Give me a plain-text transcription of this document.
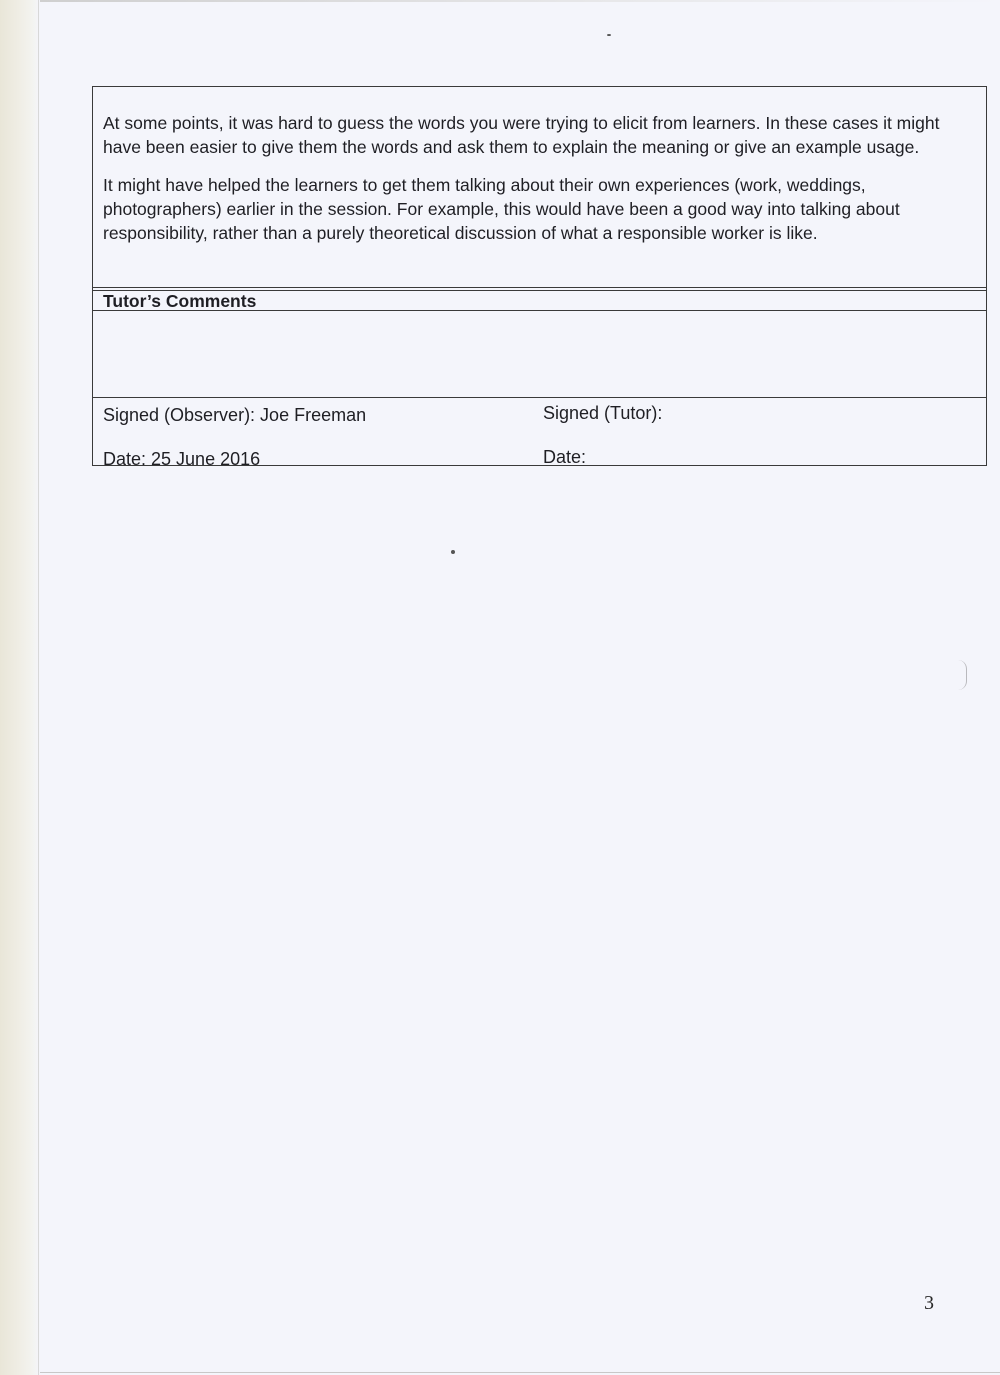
At some points, it was hard to guess the words you were trying to elicit from learners. In these cases it might have been easier to give them the words and ask them to explain the meaning or give an example usage.

It might have helped the learners to get them talking about their own experiences (work, weddings, photographers) earlier in the session. For example, this would have been a good way into talking about responsibility, rather than a purely theoretical discussion of what a responsible worker is like.

Tutor’s Comments
Signed (Observer): Joe Freeman	Signed (Tutor):
Date: 25 June 2016	Date:
3
